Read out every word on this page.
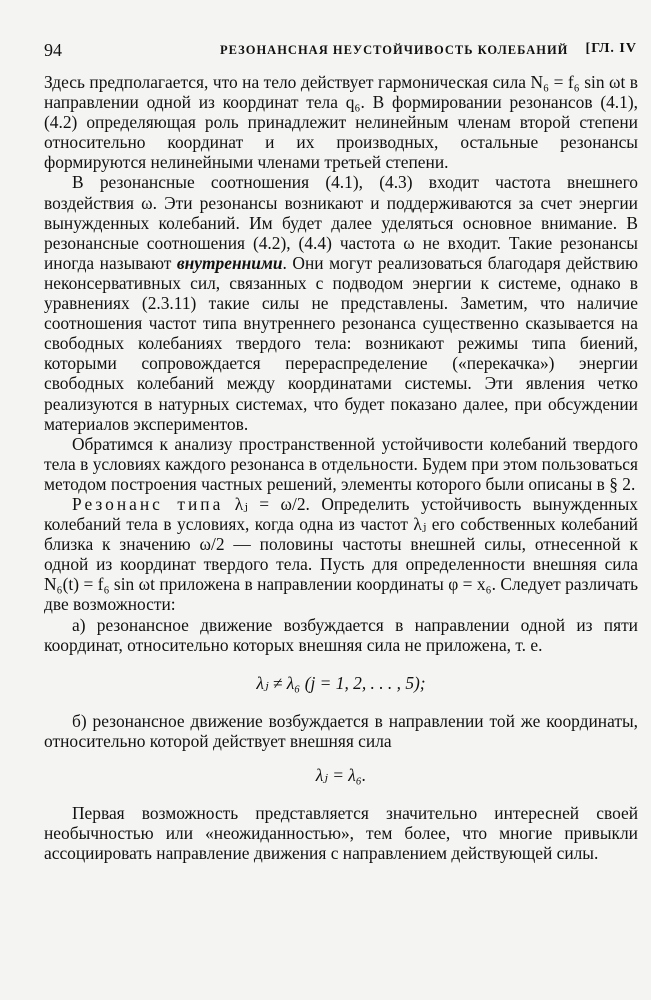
94	РЕЗОНАНСНАЯ НЕУСТОЙЧИВОСТЬ КОЛЕБАНИЙ [ГЛ. IV

Здесь предполагается, что на тело действует гармоническая сила N₆ = f₆ sin ωt в направлении одной из координат тела q₆. В формировании резонансов (4.1), (4.2) определяющая роль принадлежит нелинейным членам второй степени относительно координат и их производных, остальные резонансы формируются нелинейными членами третьей степени.

В резонансные соотношения (4.1), (4.3) входит частота внешнего воздействия ω. Эти резонансы возникают и поддерживаются за счет энергии вынужденных колебаний. Им будет далее уделяться основное внимание. В резонансные соотношения (4.2), (4.4) частота ω не входит. Такие резонансы иногда называют внутренними. Они могут реализоваться благодаря действию неконсервативных сил, связанных с подводом энергии к системе, однако в уравнениях (2.3.11) такие силы не представлены. Заметим, что наличие соотношения частот типа внутреннего резонанса существенно сказывается на свободных колебаниях твердого тела: возникают режимы типа биений, которыми сопровождается перераспределение («перекачка») энергии свободных колебаний между координатами системы. Эти явления четко реализуются в натурных системах, что будет показано далее, при обсуждении материалов экспериментов.

Обратимся к анализу пространственной устойчивости колебаний твердого тела в условиях каждого резонанса в отдельности. Будем при этом пользоваться методом построения частных решений, элементы которого были описаны в § 2.

Резонанс типа λⱼ = ω/2. Определить устойчивость вынужденных колебаний тела в условиях, когда одна из частот λⱼ его собственных колебаний близка к значению ω/2 — половины частоты внешней силы, отнесенной к одной из координат твердого тела. Пусть для определенности внешняя сила N₆(t) = f₆ sin ωt приложена в направлении координаты φ = x₆. Следует различать две возможности:

а) резонансное движение возбуждается в направлении одной из пяти координат, относительно которых внешняя сила не приложена, т. е.

λⱼ ≠ λ₆ (j = 1, 2, . . . , 5);

б) резонансное движение возбуждается в направлении той же координаты, относительно которой действует внешняя сила

λⱼ = λ₆.

Первая возможность представляется значительно интересней своей необычностью или «неожиданностью», тем более, что многие привыкли ассоциировать направление движения с направлением действующей силы.
